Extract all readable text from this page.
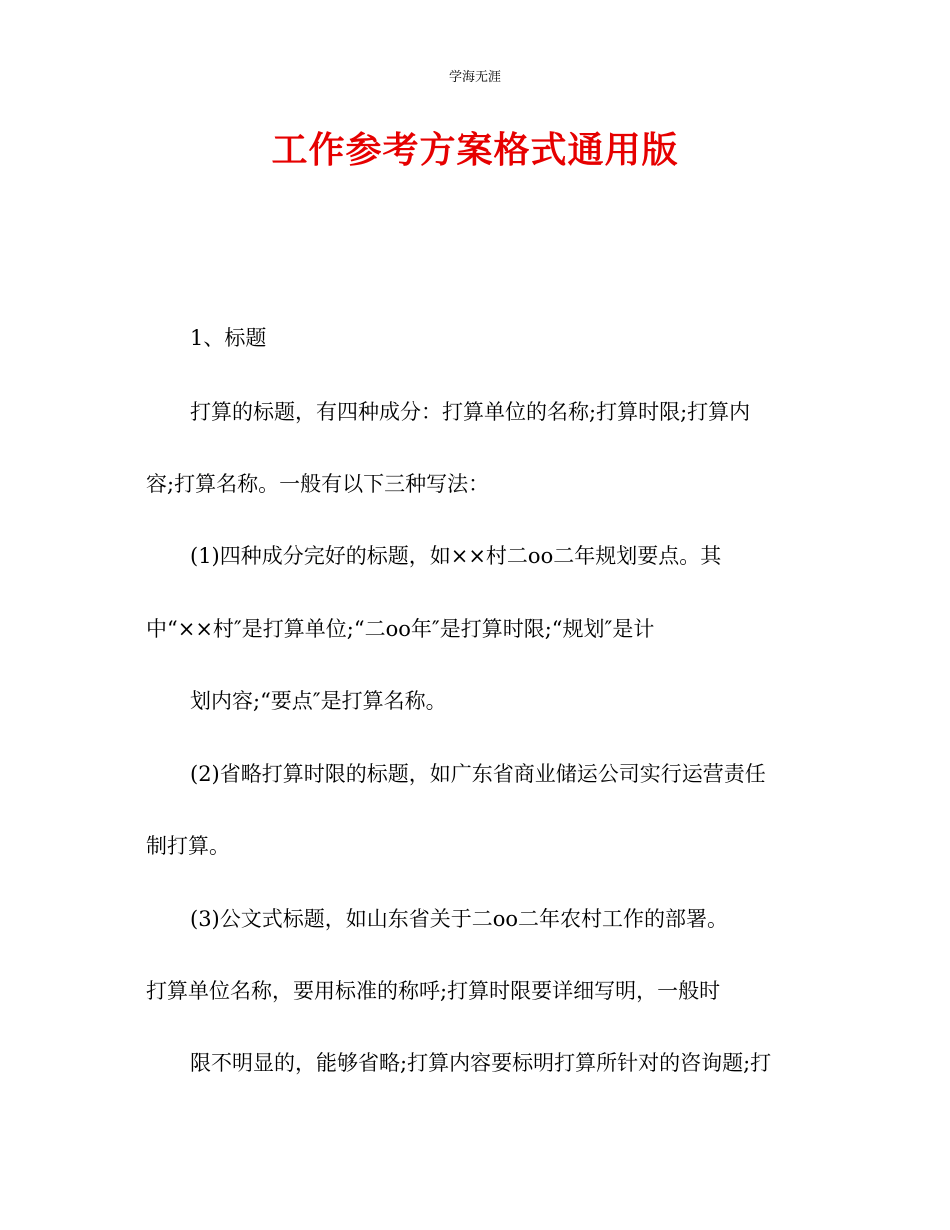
学海无涯
工作参考方案格式通用版
1、标题
打算的标题，有四种成分：打算单位的名称;打算时限;打算内
容;打算名称。一般有以下三种写法：
(1)四种成分完好的标题，如××村二oo二年规划要点。其
中“××村″是打算单位;“二oo年″是打算时限;“规划″是计
划内容;“要点″是打算名称。
(2)省略打算时限的标题，如广东省商业储运公司实行运营责任
制打算。
(3)公文式标题，如山东省关于二oo二年农村工作的部署。
打算单位名称，要用标准的称呼;打算时限要详细写明，一般时
限不明显的，能够省略;打算内容要标明打算所针对的咨询题;打
